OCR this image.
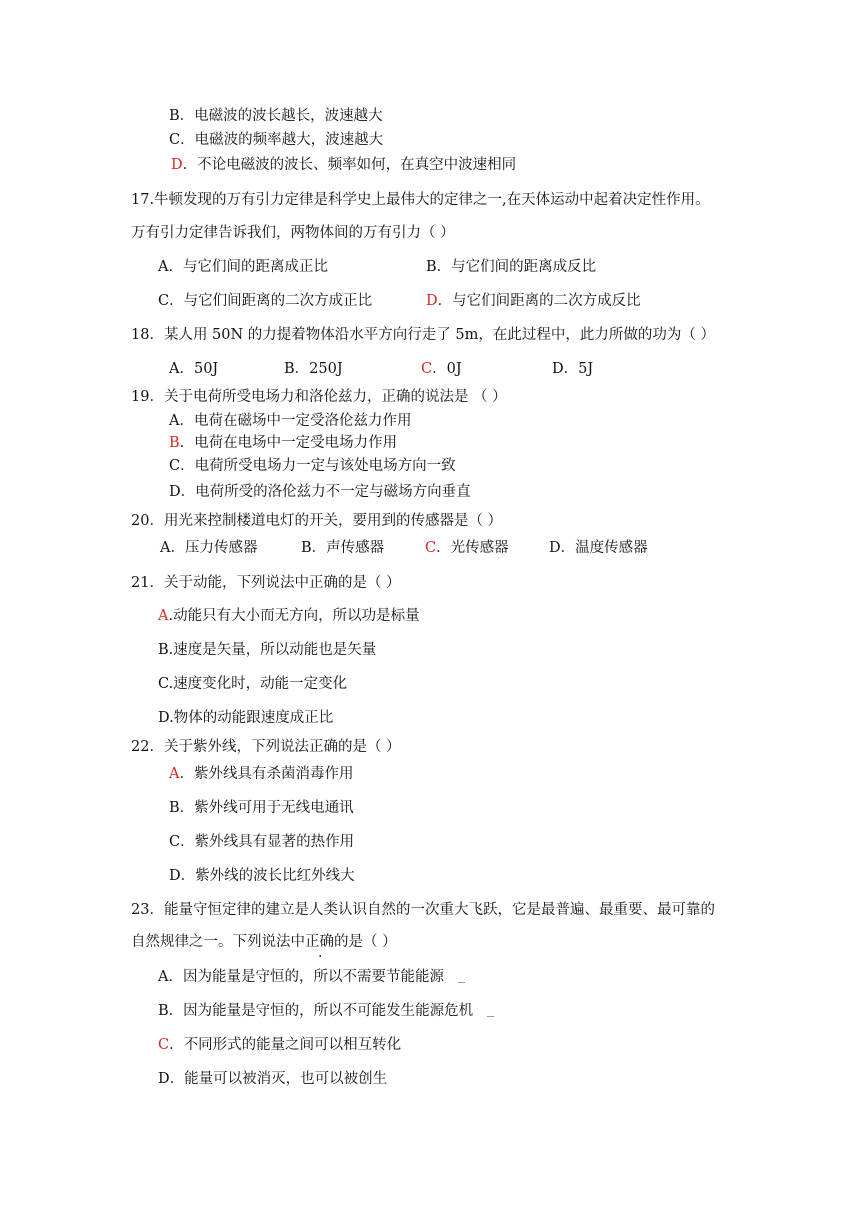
B．电磁波的波长越长，波速越大
C．电磁波的频率越大，波速越大
D．不论电磁波的波长、频率如何，在真空中波速相同
17.牛顿发现的万有引力定律是科学史上最伟大的定律之一,在天体运动中起着决定性作用。
万有引力定律告诉我们，两物体间的万有引力（ ）
A．与它们间的距离成正比	B．与它们间的距离成反比
C．与它们间距离的二次方成正比	D．与它们间距离的二次方成反比
18．某人用 50N 的力提着物体沿水平方向行走了 5m，在此过程中，此力所做的功为（ ）
A．50J	B．250J	C．0J	D．5J
19．关于电荷所受电场力和洛伦兹力，正确的说法是 （ ）
A．电荷在磁场中一定受洛伦兹力作用
B．电荷在电场中一定受电场力作用
C．电荷所受电场力一定与该处电场方向一致
D．电荷所受的洛伦兹力不一定与磁场方向垂直
20．用光来控制楼道电灯的开关，要用到的传感器是（ ）
A．压力传感器	B．声传感器	C．光传感器	D．温度传感器
21．关于动能，下列说法中正确的是（ ）
A.动能只有大小而无方向，所以功是标量
B.速度是矢量，所以动能也是矢量
C.速度变化时，动能一定变化
D.物体的动能跟速度成正比
22．关于紫外线，下列说法正确的是（ ）
A．紫外线具有杀菌消毒作用
B．紫外线可用于无线电通讯
C．紫外线具有显著的热作用
D．紫外线的波长比红外线大
23．能量守恒定律的建立是人类认识自然的一次重大飞跃，它是最普遍、最重要、最可靠的
自然规律之一。下列说法中正确的是（ ）
A．因为能量是守恒的，所以不需要节能能源
B．因为能量是守恒的，所以不可能发生能源危机
C．不同形式的能量之间可以相互转化
D．能量可以被消灭，也可以被创生
